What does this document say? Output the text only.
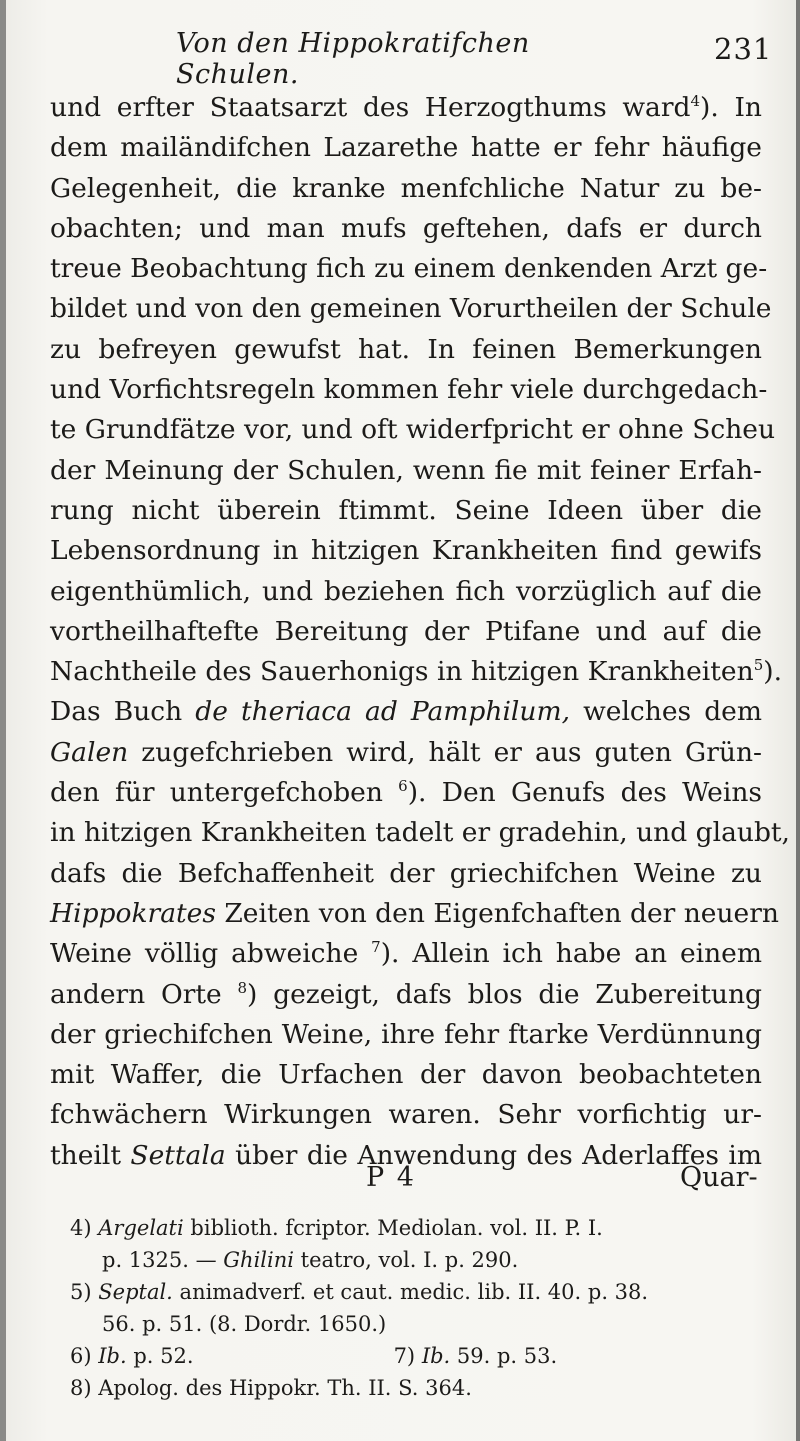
Von den Hippokratifchen Schulen.
231
und erfter Staatsarzt des Herzogthums ward$^4$). In
dem mailändifchen Lazarethe hatte er fehr häufige
Gelegenheit, die kranke menfchliche Natur zu be-
obachten; und man mufs geftehen, dafs er durch
treue Beobachtung fich zu einem denkenden Arzt ge-
bildet und von den gemeinen Vorurtheilen der Schule
zu befreyen gewufst hat. In feinen Bemerkungen
und Vorfichtsregeln kommen fehr viele durchgedach-
te Grundfätze vor, und oft widerfpricht er ohne Scheu
der Meinung der Schulen, wenn fie mit feiner Erfah-
rung nicht überein ftimmt. Seine Ideen über die
Lebensordnung in hitzigen Krankheiten find gewifs
eigenthümlich, und beziehen fich vorzüglich auf die
vortheilhaftefte Bereitung der Ptifane und auf die
Nachtheile des Sauerhonigs in hitzigen Krankheiten$^5$).
Das Buch de theriaca ad Pamphilum, welches dem
Galen zugefchrieben wird, hält er aus guten Grün-
den für untergefchoben $^6$). Den Genufs des Weins
in hitzigen Krankheiten tadelt er gradehin, und glaubt,
dafs die Befchaffenheit der griechifchen Weine zu
Hippokrates Zeiten von den Eigenfchaften der neuern
Weine völlig abweiche $^7$). Allein ich habe an einem
andern Orte $^8$) gezeigt, dafs blos die Zubereitung
der griechifchen Weine, ihre fehr ftarke Verdünnung
mit Waffer, die Urfachen der davon beobachteten
fchwächern Wirkungen waren. Sehr vorfichtig ur-
theilt Settala über die Anwendung des Aderlaffes im
P 4	Quar-
4) Argelati biblioth. fcriptor. Mediolan. vol. II. P. I.
p. 1325. — Ghilini teatro, vol. I. p. 290.
5) Septal. animadverf. et caut. medic. lib. II. 40. p. 38.
56. p. 51. (8. Dordr. 1650.)
6) Ib. p. 52.	7) Ib. 59. p. 53.
8) Apolog. des Hippokr. Th. II. S. 364.
